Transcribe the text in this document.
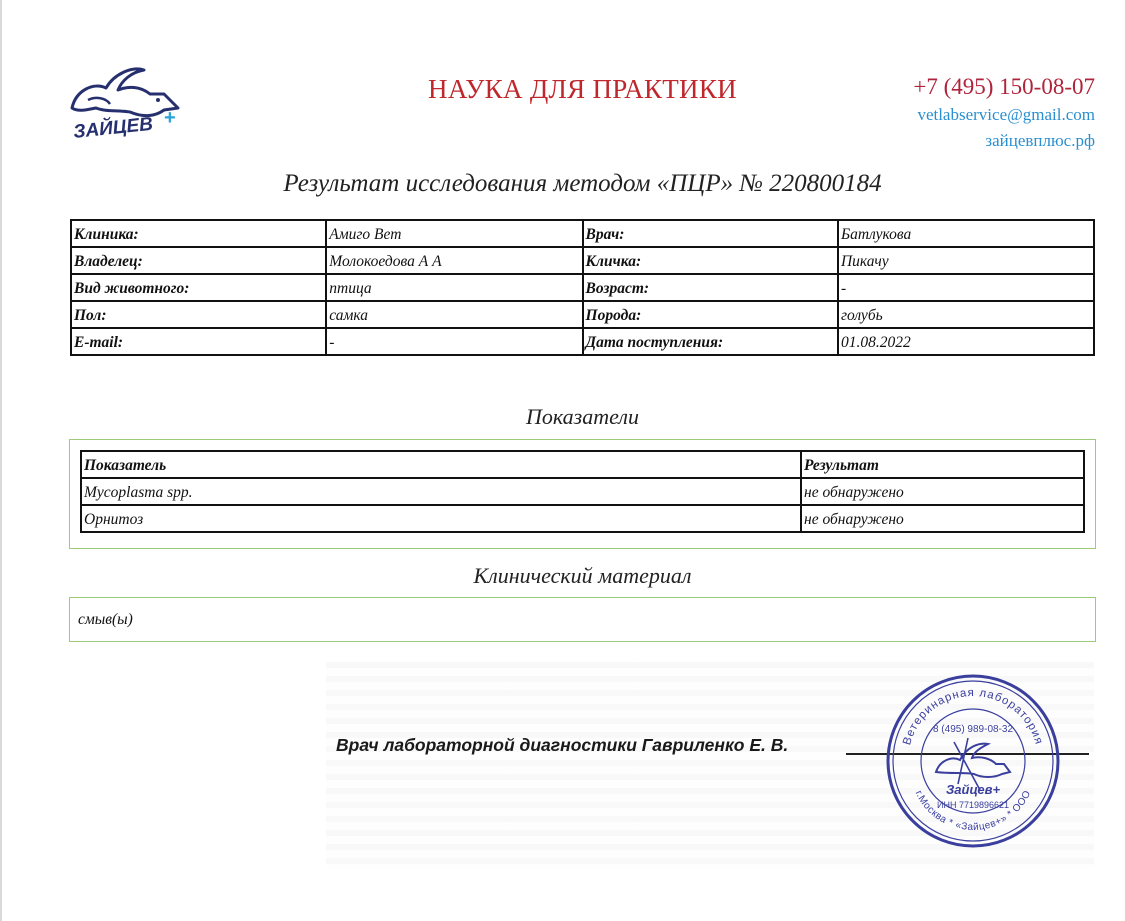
ЗАЙЦЕВ +
НАУКА ДЛЯ ПРАКТИКИ	+7 (495) 150-08-07
vetlabservice@gmail.com
зайцевплюс.рф
Результат исследования методом «ПЦР» № 220800184
Клиника:	Амиго Вет	Врач:	Батлукова
Владелец:	Молокоедова А А	Кличка:	Пикачу
Вид животного:	птица	Возраст:	-
Пол:	самка	Порода:	голубь
E-mail:	-	Дата поступления:	01.08.2022
Показатели
Показатель	Результат
Mycoplasma spp.	не обнаружено
Орнитоз	не обнаружено
Клинический материал
смыв(ы)
Врач лабораторной диагностики Гавриленко Е. В.	Ветеринарная лаборатория
г.Москва * «Зайцев+» * ООО
8 (495) 989-08-32
Зайцев+
ИНН 7719896621
